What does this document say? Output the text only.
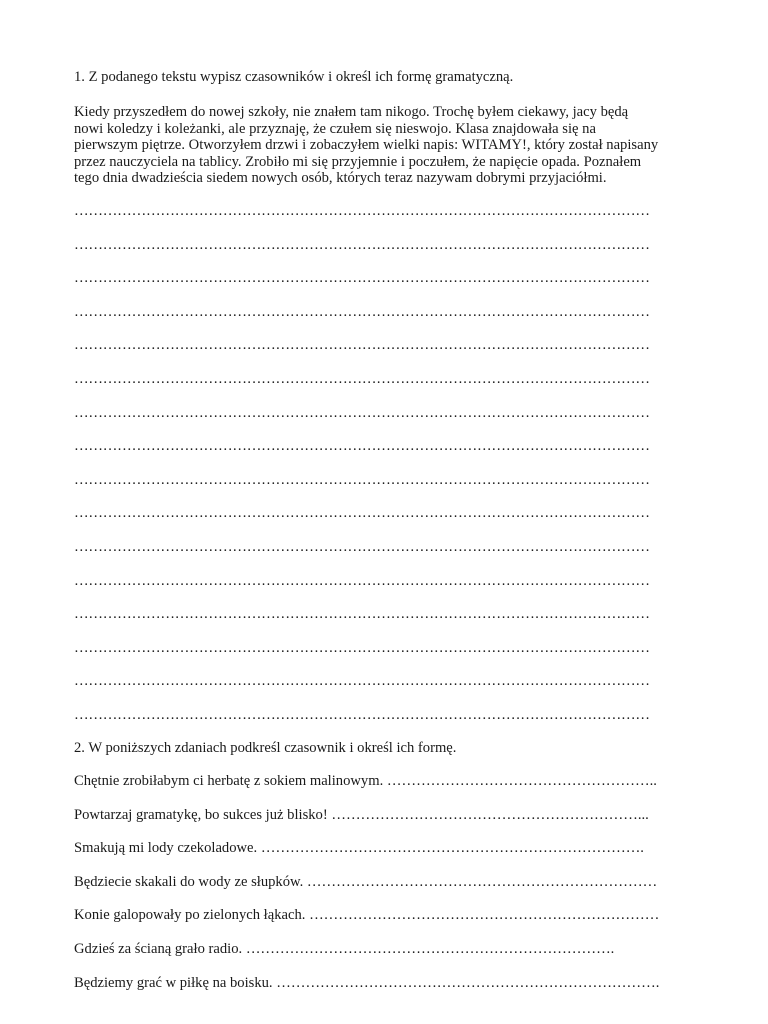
1. Z podanego tekstu wypisz czasowników i określ ich formę gramatyczną.
Kiedy przyszedłem do nowej szkoły, nie znałem tam nikogo. Trochę byłem ciekawy, jacy będą
nowi koledzy i koleżanki, ale przyznaję, że czułem się nieswojo. Klasa znajdowała się na
pierwszym piętrze. Otworzyłem drzwi i zobaczyłem wielki napis: WITAMY!, który został napisany
przez nauczyciela na tablicy. Zrobiło mi się przyjemnie i poczułem, że napięcie opada. Poznałem
tego dnia dwadzieścia siedem nowych osób, których teraz nazywam dobrymi przyjaciółmi.
…………………………………………………………………………………………………………
…………………………………………………………………………………………………………
…………………………………………………………………………………………………………
…………………………………………………………………………………………………………
…………………………………………………………………………………………………………
…………………………………………………………………………………………………………
…………………………………………………………………………………………………………
…………………………………………………………………………………………………………
…………………………………………………………………………………………………………
…………………………………………………………………………………………………………
…………………………………………………………………………………………………………
…………………………………………………………………………………………………………
…………………………………………………………………………………………………………
…………………………………………………………………………………………………………
…………………………………………………………………………………………………………
…………………………………………………………………………………………………………
2. W poniższych zdaniach podkreśl czasownik i określ ich formę.
Chętnie zrobiłabym ci herbatę z sokiem malinowym. ………………………………………………..
Powtarzaj gramatykę, bo sukces już blisko! ………………………………………………………...
Smakują mi lody czekoladowe. …………………………………………………………………….
Będziecie skakali do wody ze słupków. ………………………………………………………………
Konie galopowały po zielonych łąkach. ………………………………………………………………
Gdzieś za ścianą grało radio. ………………………………………………………………….
Będziemy grać w piłkę na boisku. …………………………………………………………………….
